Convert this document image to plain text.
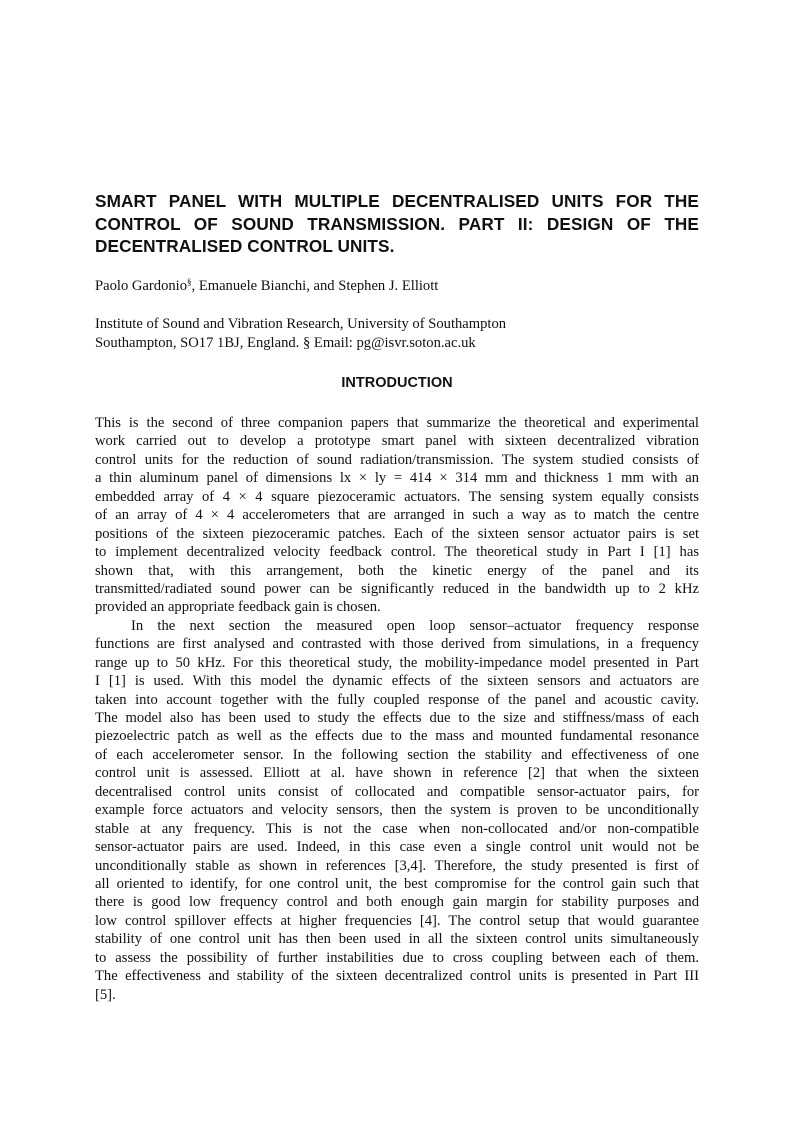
SMART PANEL WITH MULTIPLE DECENTRALISED UNITS FOR THE
CONTROL OF SOUND TRANSMISSION. PART II: DESIGN OF THE
DECENTRALISED CONTROL UNITS.
Paolo Gardonio§, Emanuele Bianchi, and Stephen J. Elliott
Institute of Sound and Vibration Research, University of Southampton
Southampton, SO17 1BJ, England. § Email: pg@isvr.soton.ac.uk
INTRODUCTION
This is the second of three companion papers that summarize the theoretical and experimental
work carried out to develop a prototype smart panel with sixteen decentralized vibration
control units for the reduction of sound radiation/transmission. The system studied consists of
a thin aluminum panel of dimensions lx × ly = 414 × 314 mm and thickness 1 mm with an
embedded array of 4 × 4 square piezoceramic actuators. The sensing system equally consists
of an array of 4 × 4 accelerometers that are arranged in such a way as to match the centre
positions of the sixteen piezoceramic patches. Each of the sixteen sensor actuator pairs is set
to implement decentralized velocity feedback control. The theoretical study in Part I [1] has
shown that, with this arrangement, both the kinetic energy of the panel and its
transmitted/radiated sound power can be significantly reduced in the bandwidth up to 2 kHz
provided an appropriate feedback gain is chosen.
In the next section the measured open loop sensor–actuator frequency response
functions are first analysed and contrasted with those derived from simulations, in a frequency
range up to 50 kHz. For this theoretical study, the mobility-impedance model presented in Part
I [1] is used. With this model the dynamic effects of the sixteen sensors and actuators are
taken into account together with the fully coupled response of the panel and acoustic cavity.
The model also has been used to study the effects due to the size and stiffness/mass of each
piezoelectric patch as well as the effects due to the mass and mounted fundamental resonance
of each accelerometer sensor. In the following section the stability and effectiveness of one
control unit is assessed. Elliott at al. have shown in reference [2] that when the sixteen
decentralised control units consist of collocated and compatible sensor-actuator pairs, for
example force actuators and velocity sensors, then the system is proven to be unconditionally
stable at any frequency. This is not the case when non-collocated and/or non-compatible
sensor-actuator pairs are used. Indeed, in this case even a single control unit would not be
unconditionally stable as shown in references [3,4]. Therefore, the study presented is first of
all oriented to identify, for one control unit, the best compromise for the control gain such that
there is good low frequency control and both enough gain margin for stability purposes and
low control spillover effects at higher frequencies [4]. The control setup that would guarantee
stability of one control unit has then been used in all the sixteen control units simultaneously
to assess the possibility of further instabilities due to cross coupling between each of them.
The effectiveness and stability of the sixteen decentralized control units is presented in Part III
[5].
